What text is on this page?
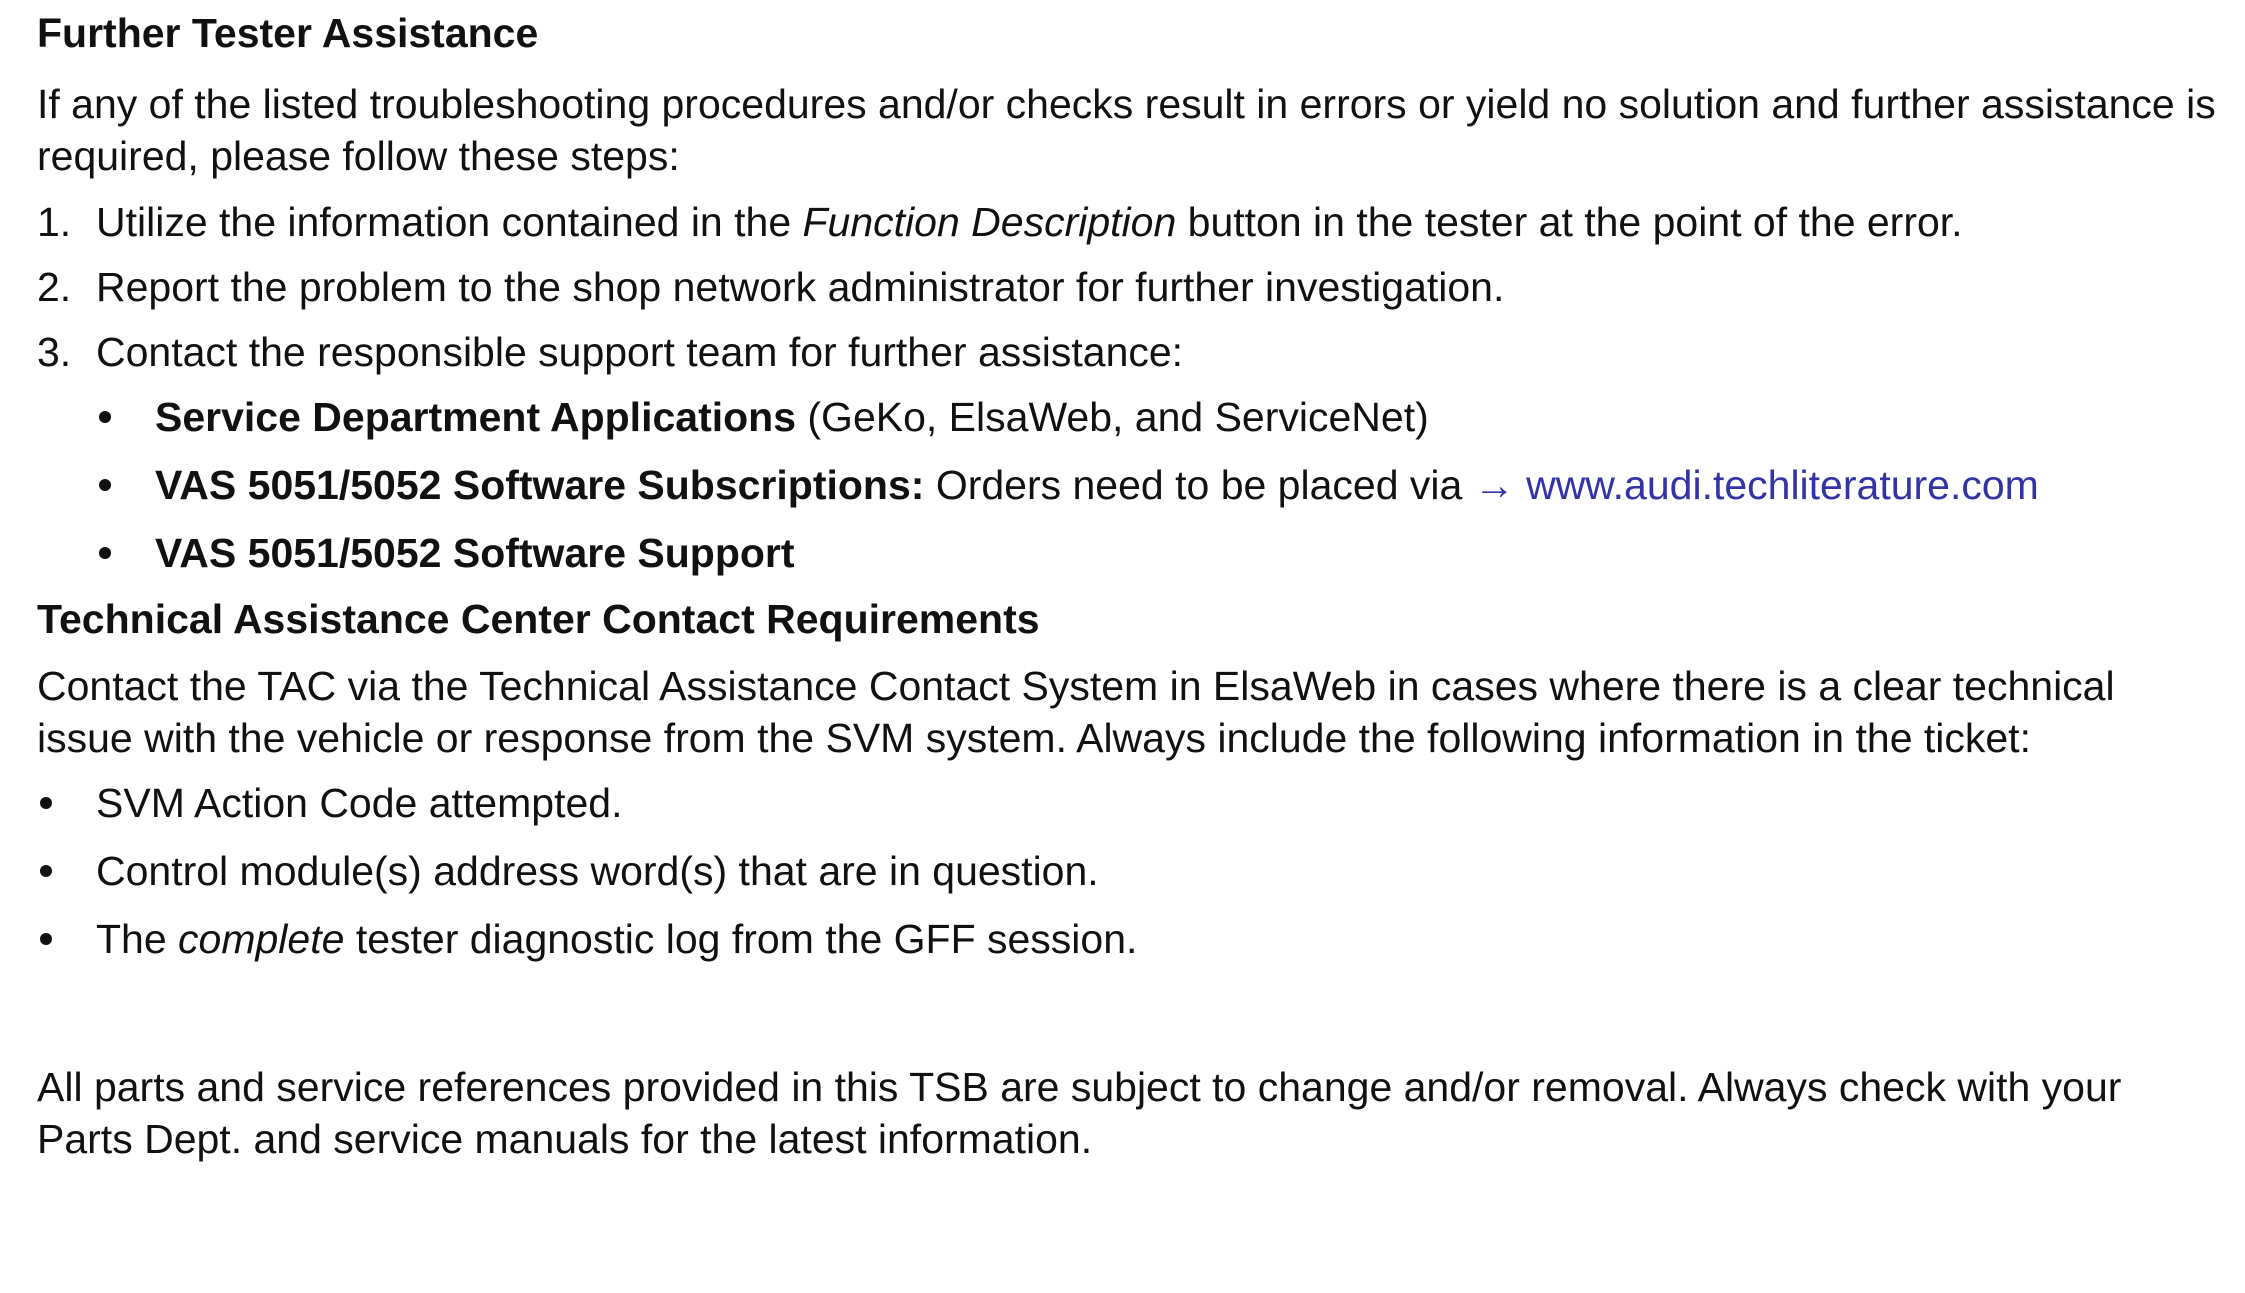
Further Tester Assistance

If any of the listed troubleshooting procedures and/or checks result in errors or yield no solution and further assistance is required, please follow these steps:

1. Utilize the information contained in the Function Description button in the tester at the point of the error.
2. Report the problem to the shop network administrator for further investigation.
3. Contact the responsible support team for further assistance:
Service Department Applications (GeKo, ElsaWeb, and ServiceNet)
VAS 5051/5052 Software Subscriptions: Orders need to be placed via → www.audi.techliterature.com
VAS 5051/5052 Software Support
Technical Assistance Center Contact Requirements

Contact the TAC via the Technical Assistance Contact System in ElsaWeb in cases where there is a clear technical issue with the vehicle or response from the SVM system. Always include the following information in the ticket:

SVM Action Code attempted.
Control module(s) address word(s) that are in question.
The complete tester diagnostic log from the GFF session.

All parts and service references provided in this TSB are subject to change and/or removal. Always check with your Parts Dept. and service manuals for the latest information.
